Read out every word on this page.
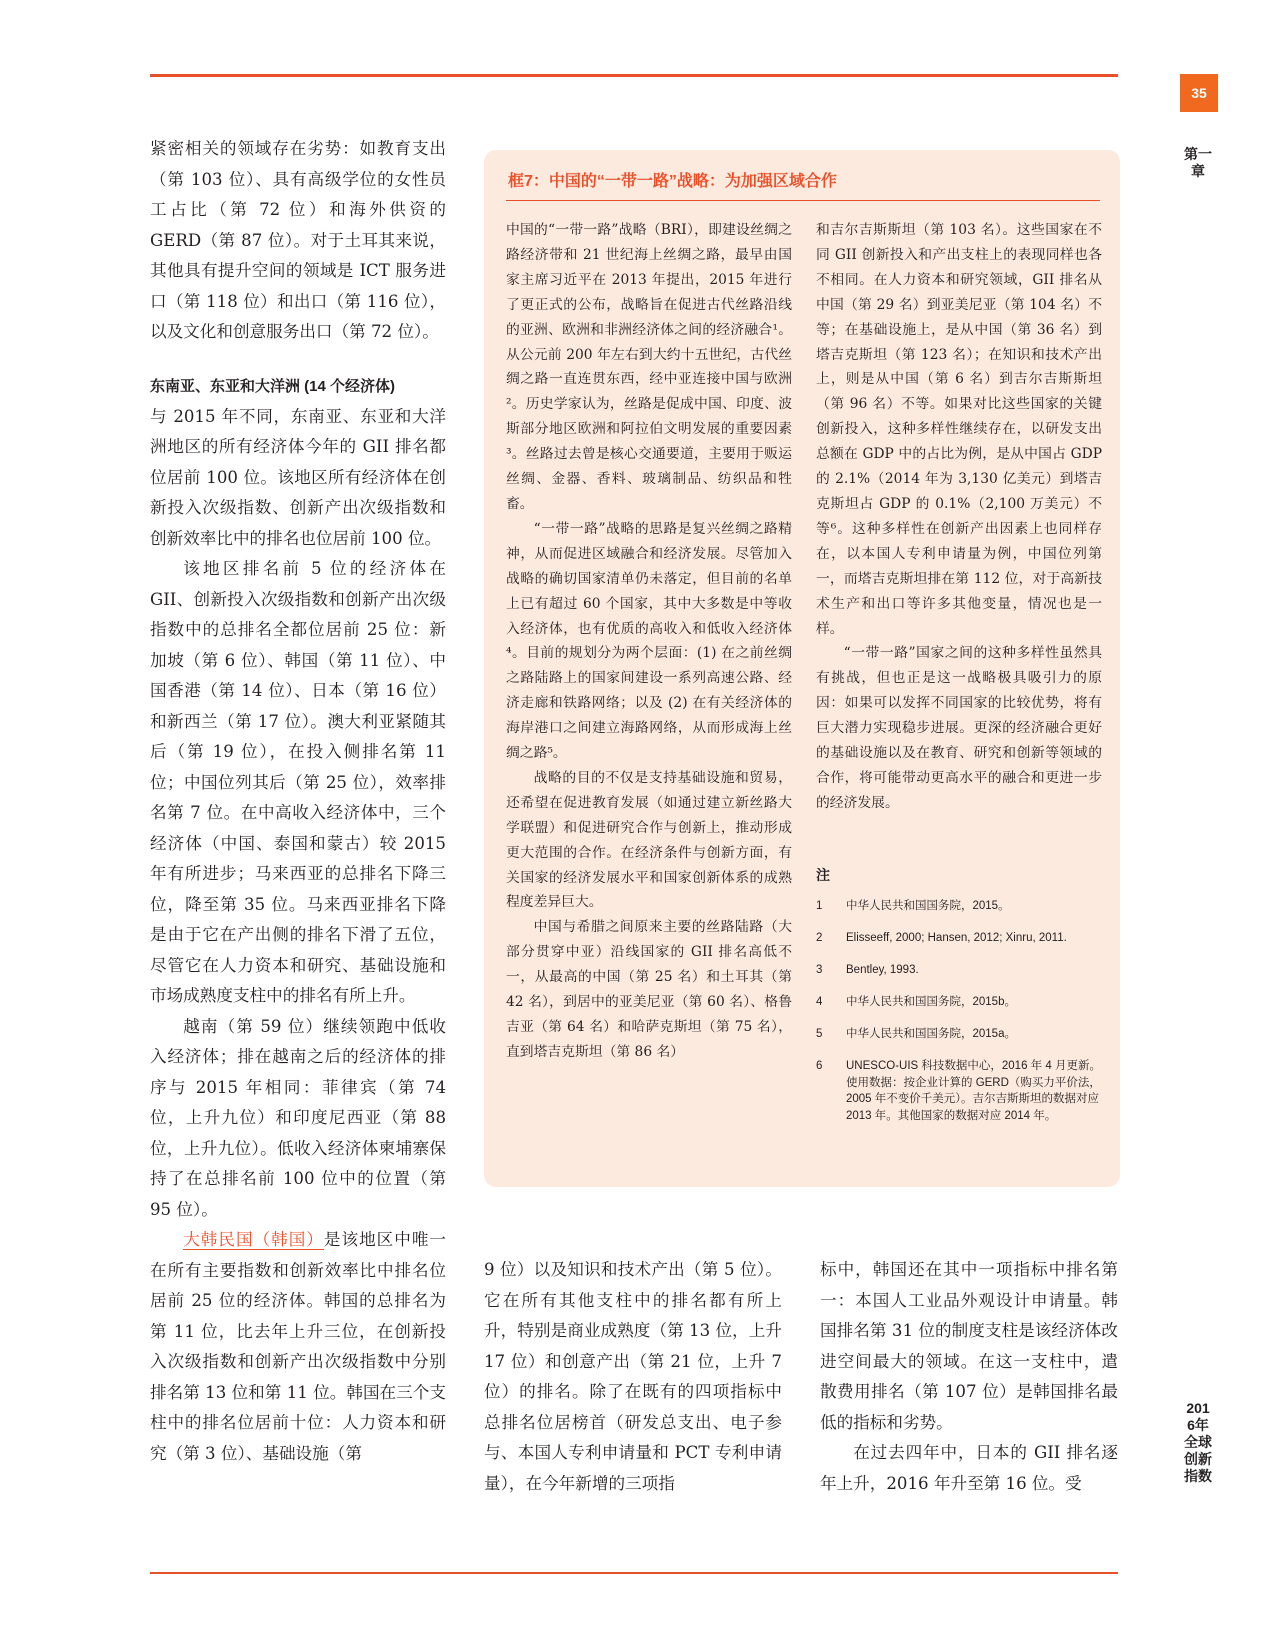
35
第一章
2016年全球创新指数

紧密相关的领域存在劣势：如教育支出（第 103 位）、具有高级学位的女性员工占比（第 72 位）和海外供资的 GERD（第 87 位）。对于土耳其来说，其他具有提升空间的领域是 ICT 服务进口（第 118 位）和出口（第 116 位），以及文化和创意服务出口（第 72 位）。

东南亚、东亚和大洋洲 (14 个经济体)

与 2015 年不同，东南亚、东亚和大洋洲地区的所有经济体今年的 GII 排名都位居前 100 位。该地区所有经济体在创新投入次级指数、创新产出次级指数和创新效率比中的排名也位居前 100 位。

该地区排名前 5 位的经济体在 GII、创新投入次级指数和创新产出次级指数中的总排名全都位居前 25 位：新加坡（第 6 位）、韩国（第 11 位）、中国香港（第 14 位）、日本（第 16 位）和新西兰（第 17 位）。澳大利亚紧随其后（第 19 位），在投入侧排名第 11 位；中国位列其后（第 25 位），效率排名第 7 位。在中高收入经济体中，三个经济体（中国、泰国和蒙古）较 2015 年有所进步；马来西亚的总排名下降三位，降至第 35 位。马来西亚排名下降是由于它在产出侧的排名下滑了五位，尽管它在人力资本和研究、基础设施和市场成熟度支柱中的排名有所上升。

越南（第 59 位）继续领跑中低收入经济体；排在越南之后的经济体的排序与 2015 年相同：菲律宾（第 74 位，上升九位）和印度尼西亚（第 88 位，上升九位）。低收入经济体柬埔寨保持了在总排名前 100 位中的位置（第 95 位）。

大韩民国（韩国）是该地区中唯一在所有主要指数和创新效率比中排名位居前 25 位的经济体。韩国的总排名为第 11 位，比去年上升三位，在创新投入次级指数和创新产出次级指数中分别排名第 13 位和第 11 位。韩国在三个支柱中的排名位居前十位：人力资本和研究（第 3 位）、基础设施（第

9 位）以及知识和技术产出（第 5 位）。它在所有其他支柱中的排名都有所上升，特别是商业成熟度（第 13 位，上升 17 位）和创意产出（第 21 位，上升 7 位）的排名。除了在既有的四项指标中总排名位居榜首（研发总支出、电子参与、本国人专利申请量和 PCT 专利申请量），在今年新增的三项指

标中，韩国还在其中一项指标中排名第一：本国人工业品外观设计申请量。韩国排名第 31 位的制度支柱是该经济体改进空间最大的领域。在这一支柱中，遣散费用排名（第 107 位）是韩国排名最低的指标和劣势。

在过去四年中，日本的 GII 排名逐年上升，2016 年升至第 16 位。受

框7：中国的“一带一路”战略：为加强区域合作

中国的“一带一路”战略（BRI），即建设丝绸之路经济带和 21 世纪海上丝绸之路，最早由国家主席习近平在 2013 年提出，2015 年进行了更正式的公布，战略旨在促进古代丝路沿线的亚洲、欧洲和非洲经济体之间的经济融合¹。从公元前 200 年左右到大约十五世纪，古代丝绸之路一直连贯东西，经中亚连接中国与欧洲²。历史学家认为，丝路是促成中国、印度、波斯部分地区欧洲和阿拉伯文明发展的重要因素³。丝路过去曾是核心交通要道，主要用于贩运丝绸、金器、香料、玻璃制品、纺织品和牲畜。

“一带一路”战略的思路是复兴丝绸之路精神，从而促进区域融合和经济发展。尽管加入战略的确切国家清单仍未落定，但目前的名单上已有超过 60 个国家，其中大多数是中等收入经济体，也有优质的高收入和低收入经济体⁴。目前的规划分为两个层面：(1) 在之前丝绸之路陆路上的国家间建设一系列高速公路、经济走廊和铁路网络；以及 (2) 在有关经济体的海岸港口之间建立海路网络，从而形成海上丝绸之路⁵。

战略的目的不仅是支持基础设施和贸易，还希望在促进教育发展（如通过建立新丝路大学联盟）和促进研究合作与创新上，推动形成更大范围的合作。在经济条件与创新方面，有关国家的经济发展水平和国家创新体系的成熟程度差异巨大。

中国与希腊之间原来主要的丝路陆路（大部分贯穿中亚）沿线国家的 GII 排名高低不一，从最高的中国（第 25 名）和土耳其（第 42 名），到居中的亚美尼亚（第 60 名）、格鲁吉亚（第 64 名）和哈萨克斯坦（第 75 名），直到塔吉克斯坦（第 86 名）

和吉尔吉斯斯坦（第 103 名）。这些国家在不同 GII 创新投入和产出支柱上的表现同样也各不相同。在人力资本和研究领域，GII 排名从中国（第 29 名）到亚美尼亚（第 104 名）不等；在基础设施上，是从中国（第 36 名）到塔吉克斯坦（第 123 名）；在知识和技术产出上，则是从中国（第 6 名）到吉尔吉斯斯坦（第 96 名）不等。如果对比这些国家的关键创新投入，这种多样性继续存在，以研发支出总额在 GDP 中的占比为例，是从中国占 GDP 的 2.1%（2014 年为 3,130 亿美元）到塔吉克斯坦占 GDP 的 0.1%（2,100 万美元）不等⁶。这种多样性在创新产出因素上也同样存在，以本国人专利申请量为例，中国位列第一，而塔吉克斯坦排在第 112 位，对于高新技术生产和出口等许多其他变量，情况也是一样。

“一带一路”国家之间的这种多样性虽然具有挑战，但也正是这一战略极具吸引力的原因：如果可以发挥不同国家的比较优势，将有巨大潜力实现稳步进展。更深的经济融合更好的基础设施以及在教育、研究和创新等领域的合作，将可能带动更高水平的融合和更进一步的经济发展。

注
1 中华人民共和国国务院，2015。
2 Elisseeff, 2000; Hansen, 2012; Xinru, 2011.
3 Bentley, 1993.
4 中华人民共和国国务院，2015b。
5 中华人民共和国国务院，2015a。
6 UNESCO-UIS 科技数据中心，2016 年 4 月更新。使用数据：按企业计算的 GERD（购买力平价法，2005 年不变价千美元）。吉尔吉斯斯坦的数据对应 2013 年。其他国家的数据对应 2014 年。
